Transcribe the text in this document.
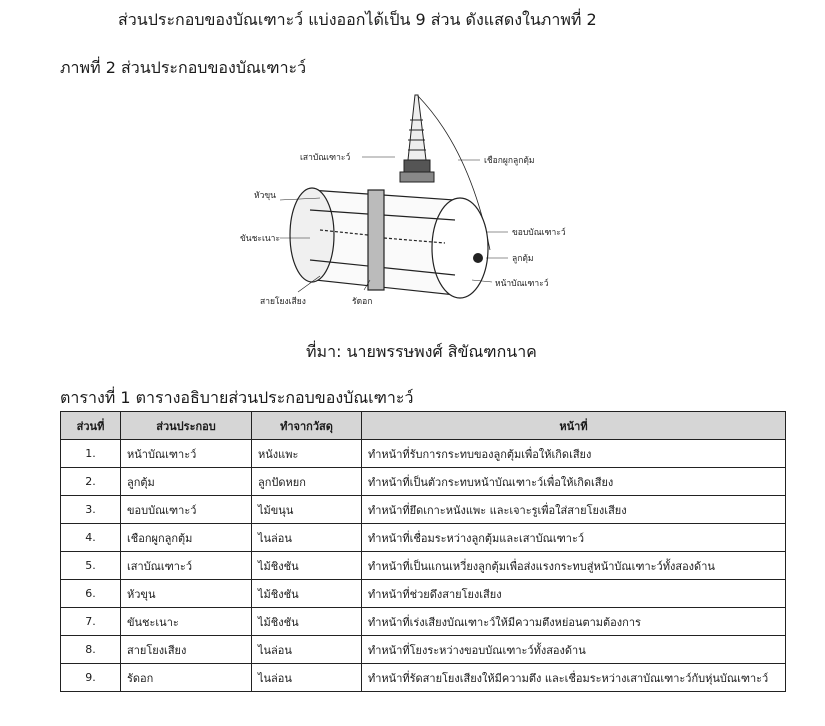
ส่วนประกอบของบัณเฑาะว์ แบ่งออกได้เป็น 9 ส่วน ดังแสดงในภาพที่ 2
ภาพที่ 2 ส่วนประกอบของบัณเฑาะว์
เสาบัณเฑาะว์	เชือกผูกลูกตุ้ม
หัวขุน
ขันชะเนาะ
ขอบบัณเฑาะว์
ลูกตุ้ม
หน้าบัณเฑาะว์
สายโยงเสียง	รัดอก
ที่มา: นายพรรษพงศ์ สิขัณฑกนาค
ตารางที่ 1 ตารางอธิบายส่วนประกอบของบัณเฑาะว์
ส่วนที่	ส่วนประกอบ	ทำจากวัสดุ	หน้าที่
1.	หน้าบัณเฑาะว์	หนังแพะ	ทำหน้าที่รับการกระทบของลูกตุ้มเพื่อให้เกิดเสียง
2.	ลูกตุ้ม	ลูกปัดหยก	ทำหน้าที่เป็นตัวกระทบหน้าบัณเฑาะว์เพื่อให้เกิดเสียง
3.	ขอบบัณเฑาะว์	ไม้ขนุน	ทำหน้าที่ยึดเกาะหนังแพะ และเจาะรูเพื่อใส่สายโยงเสียง
4.	เชือกผูกลูกตุ้ม	ไนล่อน	ทำหน้าที่เชื่อมระหว่างลูกตุ้มและเสาบัณเฑาะว์
5.	เสาบัณเฑาะว์	ไม้ชิงชัน	ทำหน้าที่เป็นแกนเหวี่ยงลูกตุ้มเพื่อส่งแรงกระทบสู่หน้าบัณเฑาะว์ทั้งสองด้าน
6.	หัวขุน	ไม้ชิงชัน	ทำหน้าที่ช่วยดึงสายโยงเสียง
7.	ขันชะเนาะ	ไม้ชิงชัน	ทำหน้าที่เร่งเสียงบัณเฑาะว์ให้มีความตึงหย่อนตามต้องการ
8.	สายโยงเสียง	ไนล่อน	ทำหน้าที่โยงระหว่างขอบบัณเฑาะว์ทั้งสองด้าน
9.	รัดอก	ไนล่อน	ทำหน้าที่รัดสายโยงเสียงให้มีความตึง และเชื่อมระหว่างเสาบัณเฑาะว์กับหุ่นบัณเฑาะว์
